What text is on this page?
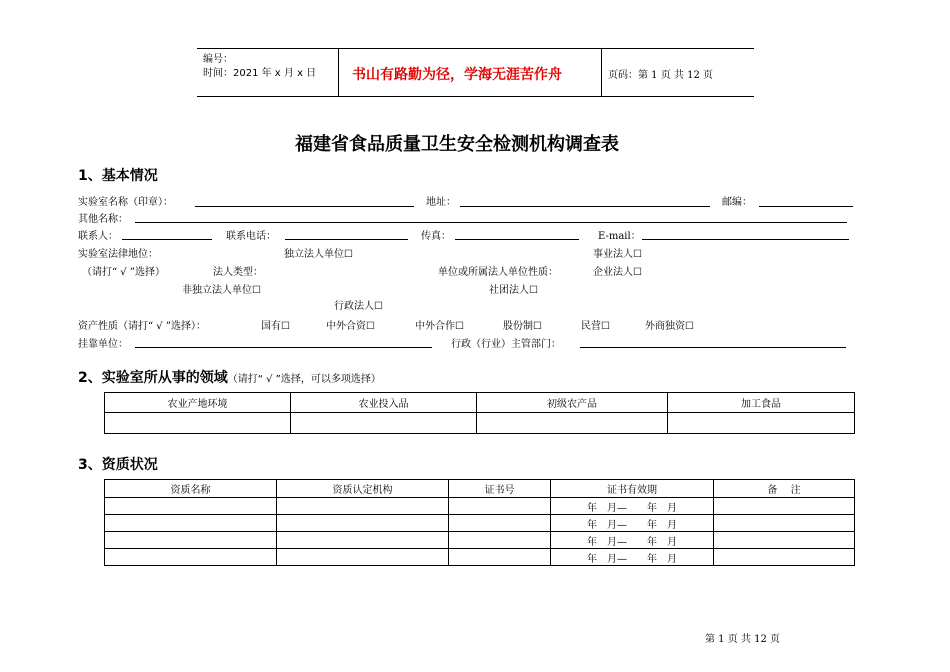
编号：
时间：2021 年 x 月 x 日	书山有路勤为径，学海无涯苦作舟	页码：第 1 页 共 12 页
福建省食品质量卫生安全检测机构调查表
1、基本情况
实验室名称（印章）：	地址：	邮编：
其他名称：
联系人：	联系电话：	传真：	E-mail：
实验室法律地位：	独立法人单位☐	事业法人☐
（请打“ √ ”选择）	法人类型：	单位或所属法人单位性质：	企业法人☐
非独立法人单位☐	社团法人☐
行政法人☐
资产性质（请打“ √ ”选择）：	国有☐	中外合资☐	中外合作☐	股份制☐	民营☐	外商独资☐
挂靠单位：	行政（行业）主管部门：
2、实验室所从事的领域（请打“ √ ”选择，可以多项选择）
农业产地环境	农业投入品	初级农产品	加工食品

3、资质状况
资质名称	资质认定机构	证书号	证书有效期	备　 注
			年　月—　　年　月	
			年　月—　　年　月	
			年　月—　　年　月	
			年　月—　　年　月	
第 1 页 共 12 页
